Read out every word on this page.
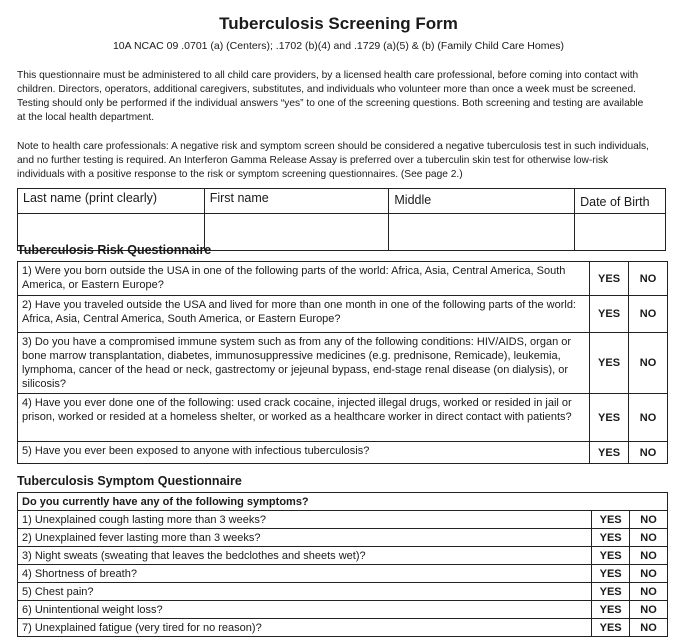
Tuberculosis Screening Form
10A NCAC 09 .0701 (a) (Centers); .1702 (b)(4) and .1729 (a)(5) & (b) (Family Child Care Homes)
This questionnaire must be administered to all child care providers, by a licensed health care professional, before coming into contact with children. Directors, operators, additional caregivers, substitutes, and individuals who volunteer more than once a week must be screened. Testing should only be performed if the individual answers “yes” to one of the screening questions. Both screening and testing are available at the local health department.
Note to health care professionals: A negative risk and symptom screen should be considered a negative tuberculosis test in such individuals, and no further testing is required. An Interferon Gamma Release Assay is preferred over a tuberculin skin test for otherwise low-risk individuals with a positive response to the risk or symptom screening questionnaires. (See page 2.)
Last name (print clearly)	First name	Middle	Date of Birth

Tuberculosis Risk Questionnaire
1) Were you born outside the USA in one of the following parts of the world: Africa, Asia, Central America, South America, or Eastern Europe?	YES	NO
2) Have you traveled outside the USA and lived for more than one month in one of the following parts of the world: Africa, Asia, Central America, South America, or Eastern Europe?	YES	NO
3) Do you have a compromised immune system such as from any of the following conditions: HIV/AIDS, organ or bone marrow transplantation, diabetes, immunosuppressive medicines (e.g. prednisone, Remicade), leukemia, lymphoma, cancer of the head or neck, gastrectomy or jejeunal bypass, end-stage renal disease (on dialysis), or silicosis?	YES	NO
4) Have you ever done one of the following: used crack cocaine, injected illegal drugs, worked or resided in jail or prison, worked or resided at a homeless shelter, or worked as a healthcare worker in direct contact with patients?	YES	NO
5) Have you ever been exposed to anyone with infectious tuberculosis?	YES	NO
Tuberculosis Symptom Questionnaire
Do you currently have any of the following symptoms?		
1) Unexplained cough lasting more than 3 weeks?	YES	NO
2) Unexplained fever lasting more than 3 weeks?	YES	NO
3) Night sweats (sweating that leaves the bedclothes and sheets wet)?	YES	NO
4) Shortness of breath?	YES	NO
5) Chest pain?	YES	NO
6) Unintentional weight loss?	YES	NO
7) Unexplained fatigue (very tired for no reason)?	YES	NO
